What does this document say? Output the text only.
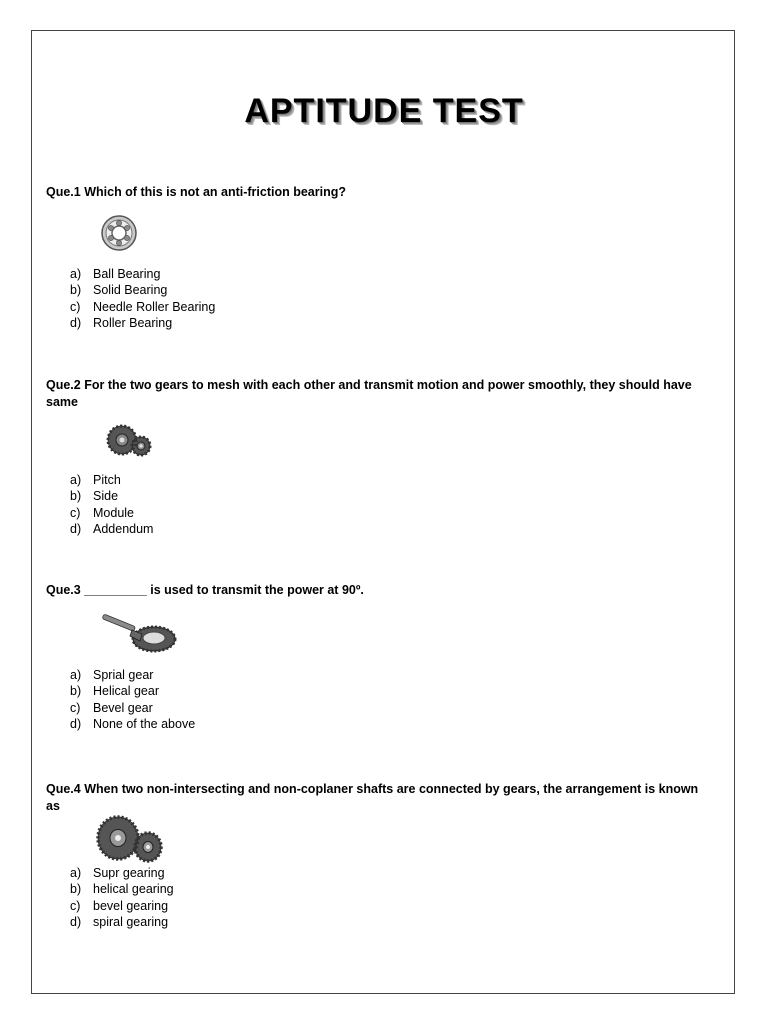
APTITUDE TEST
Que.1 Which of this is not an anti-friction bearing?
a) Ball Bearing
b) Solid Bearing
c)	Needle Roller Bearing
d) Roller Bearing
Que.2 For the two gears to mesh with each other and transmit motion and power smoothly, they should have same
a) Pitch
b) Side
c)	Module
d) Addendum
Que.3 _________ is used to transmit the power at 90º.
a) Sprial gear
b) Helical gear
c)	Bevel gear
d) None of the above
Que.4 When two non-intersecting and non-coplaner shafts are connected by gears, the arrangement is known as
a) Supr gearing
b) helical gearing
c)	bevel gearing
d) spiral gearing
